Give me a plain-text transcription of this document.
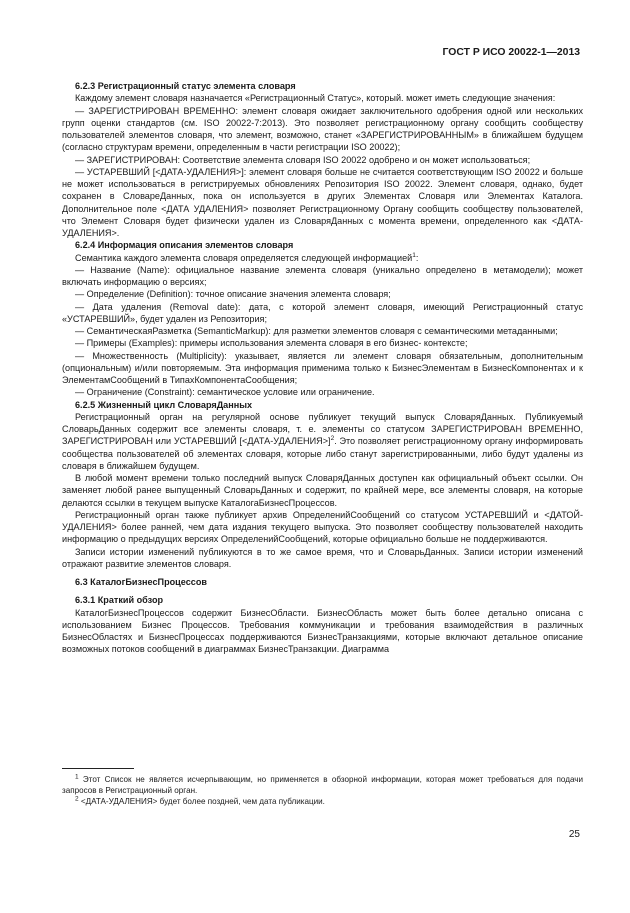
ГОСТ Р ИСО 20022-1—2013

6.2.3 Регистрационный статус элемента словаря

Каждому элемент словаря назначается «Регистрационный Статус», который. может иметь следующие значения:

— ЗАРЕГИСТРИРОВАН ВРЕМЕННО: элемент словаря ожидает заключительного одобрения одной или нескольких групп оценки стандартов (см. ISO 20022-7:2013). Это позволяет регистрационному органу сообщить сообществу пользователей элементов словаря, что элемент, возможно, станет «ЗАРЕГИСТРИРОВАННЫМ» в ближайшем будущем (согласно структурам времени, определенным в части регистрации ISO 20022);

— ЗАРЕГИСТРИРОВАН: Соответствие элемента словаря ISO 20022 одобрено и он может использоваться;

— УСТАРЕВШИЙ [<ДАТА-УДАЛЕНИЯ>]: элемент словаря больше не считается соответствующим ISO 20022 и больше не может использоваться в регистрируемых обновлениях Репозитория ISO 20022. Элемент словаря, однако, будет сохранен в СловареДанных, пока он используется в других Элементах Словаря или Элементах Каталога. Дополнительное поле <ДАТА УДАЛЕНИЯ> позволяет Регистрационному Органу сообщить сообществу пользователей, что Элемент Словаря будет физически удален из СловаряДанных с момента времени, определенного как <ДАТА-УДАЛЕНИЯ>.

6.2.4 Информация описания элементов словаря

Семантика каждого элемента словаря определяется следующей информацией$^1$:

— Название (Name): официальное название элемента словаря (уникально определено в метамодели); может включать информацию о версиях;

— Определение (Definition): точное описание значения элемента словаря;

— Дата удаления (Removal date): дата, с которой элемент словаря, имеющий Регистрационный статус «УСТАРЕВШИЙ», будет удален из Репозитория;

— СемантическаяРазметка (SemanticMarkup): для разметки элементов словаря с семантическими метаданными;

— Примеры (Examples): примеры использования элемента словаря в его бизнес- контексте;

— Множественность (Multiplicity): указывает, является ли элемент словаря обязательным, дополнительным (опциональным) и/или повторяемым. Эта информация применима только к БизнесЭлементам в БизнесКомпонентах и к ЭлементамСообщений в ТипахКомпонентаСообщения;

— Ограничение (Constraint): семантическое условие или ограничение.

6.2.5 Жизненный цикл СловаряДанных

Регистрационный орган на регулярной основе публикует текущий выпуск СловаряДанных. Публикуемый СловарьДанных содержит все элементы словаря, т. е. элементы со статусом ЗАРЕГИСТРИРОВАН ВРЕМЕННО, ЗАРЕГИСТРИРОВАН или УСТАРЕВШИЙ [<ДАТА-УДАЛЕНИЯ>]$^2$. Это позволяет регистрационному органу информировать сообщества пользователей об элементах словаря, которые либо станут зарегистрированными, либо будут удалены из словаря в ближайшем будущем.

В любой момент времени только последний выпуск СловаряДанных доступен как официальный объект ссылки. Он заменяет любой ранее выпущенный СловарьДанных и содержит, по крайней мере, все элементы словаря, на которые делаются ссылки в текущем выпуске КаталогаБизнесПроцессов.

Регистрационный орган также публикует архив ОпределенийСообщений со статусом УСТАРЕВШИЙ и <ДАТОЙ-УДАЛЕНИЯ> более ранней, чем дата издания текущего выпуска. Это позволяет сообществу пользователей находить информацию о предыдущих версиях ОпределенийСообщений, которые официально больше не поддерживаются.

Записи истории изменений публикуются в то же самое время, что и СловарьДанных. Записи истории изменений отражают развитие элементов словаря.

6.3 КаталогБизнесПроцессов

6.3.1 Краткий обзор

КаталогБизнесПроцессов содержит БизнесОбласти. БизнесОбласть может быть более детально описана с использованием Бизнес Процессов. Требования коммуникации и требования взаимодействия в различных БизнесОбластях и БизнесПроцессах поддерживаются БизнесТранзакциями, которые включают детальное описание возможных потоков сообщений в диаграммах БизнесТранзакции. Диаграмма

$^1$ Этот Список не является исчерпывающим, но применяется в обзорной информации, которая может требоваться для подачи запросов в Регистрационный орган.

$^2$ <ДАТА-УДАЛЕНИЯ> будет более поздней, чем дата публикации.

25
